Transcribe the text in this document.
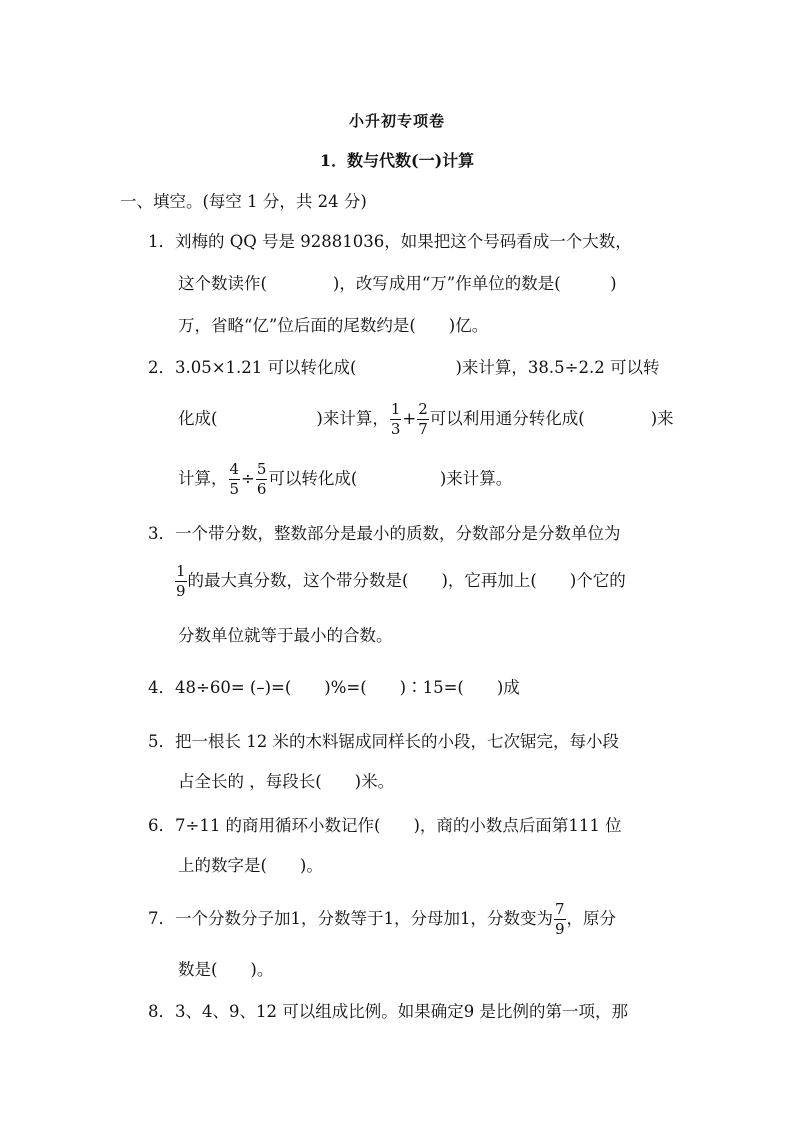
小升初专项卷
1．数与代数(一)计算
一、填空。(每空 1 分，共 24 分)
1．刘梅的 QQ 号是 92881036，如果把这个号码看成一个大数，
这个数读作(　　　　)，改写成用“万”作单位的数是(　　　)
万，省略“亿”位后面的尾数约是(　　)亿。
2．3.05×1.21 可以转化成(　　　　　　)来计算，38.5÷2.2 可以转
化成(　　　　　　)来计算， $\frac{1}{3} + \frac{2}{7}$ 可以利用通分转化成(　　　　)来
计算， $\frac{4}{5} \div \frac{5}{6}$ 可以转化成(　　　　　)来计算。
3．一个带分数，整数部分是最小的质数，分数部分是分数单位为
$\frac{1}{9}$ 的最大真分数，这个带分数是(　　)，它再加上(　　)个它的
分数单位就等于最小的合数。
4．48÷60= (–)=(　　)%=(　　)∶15=(　　)成
5．把一根长 12 米的木料锯成同样长的小段，七次锯完，每小段
占全长的 ，每段长(　　)米。
6．7÷11 的商用循环小数记作(　　)，商的小数点后面第111 位
上的数字是(　　)。
7．一个分数分子加1，分数等于1，分母加1，分数变为 $\frac{7}{9}$ ，原分
数是(　　)。
8．3、4、9、12 可以组成比例。如果确定9 是比例的第一项，那
